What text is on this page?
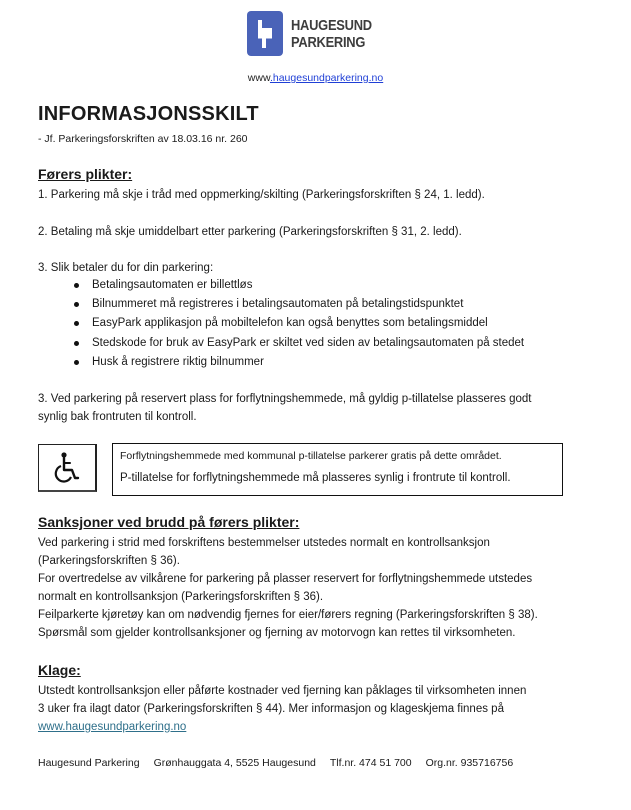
HAUGESUND
PARKERING
www.haugesundparkering.no
INFORMASJONSSKILT
- Jf. Parkeringsforskriften av 18.03.16 nr. 260
Førers plikter:
1. Parkering må skje i tråd med oppmerking/skilting (Parkeringsforskriften § 24, 1. ledd).
2. Betaling må skje umiddelbart etter parkering (Parkeringsforskriften § 31, 2. ledd).
3. Slik betaler du for din parkering:
Betalingsautomaten er billettløs
Bilnummeret må registreres i betalingsautomaten på betalingstidspunktet
EasyPark applikasjon på mobiltelefon kan også benyttes som betalingsmiddel
Stedskode for bruk av EasyPark er skiltet ved siden av betalingsautomaten på stedet
Husk å registrere riktig bilnummer
3. Ved parkering på reservert plass for forflytningshemmede, må gyldig p-tillatelse plasseres godt
synlig bak frontruten til kontroll.
Forflytningshemmede med kommunal p-tillatelse parkerer gratis på dette området.
P-tillatelse for forflytningshemmede må plasseres synlig i frontrute til kontroll.
Sanksjoner ved brudd på førers plikter:
Ved parkering i strid med forskriftens bestemmelser utstedes normalt en kontrollsanksjon
(Parkeringsforskriften § 36).
For overtredelse av vilkårene for parkering på plasser reservert for forflytningshemmede utstedes
normalt en kontrollsanksjon (Parkeringsforskriften § 36).
Feilparkerte kjøretøy kan om nødvendig fjernes for eier/førers regning (Parkeringsforskriften § 38).
Spørsmål som gjelder kontrollsanksjoner og fjerning av motorvogn kan rettes til virksomheten.
Klage:
Utstedt kontrollsanksjon eller påførte kostnader ved fjerning kan påklages til virksomheten innen
3 uker fra ilagt dator (Parkeringsforskriften § 44). Mer informasjon og klageskjema finnes på
www.haugesundparkering.no
Haugesund Parkering Grønhauggata 4, 5525 Haugesund Tlf.nr. 474 51 700 Org.nr. 935716756
